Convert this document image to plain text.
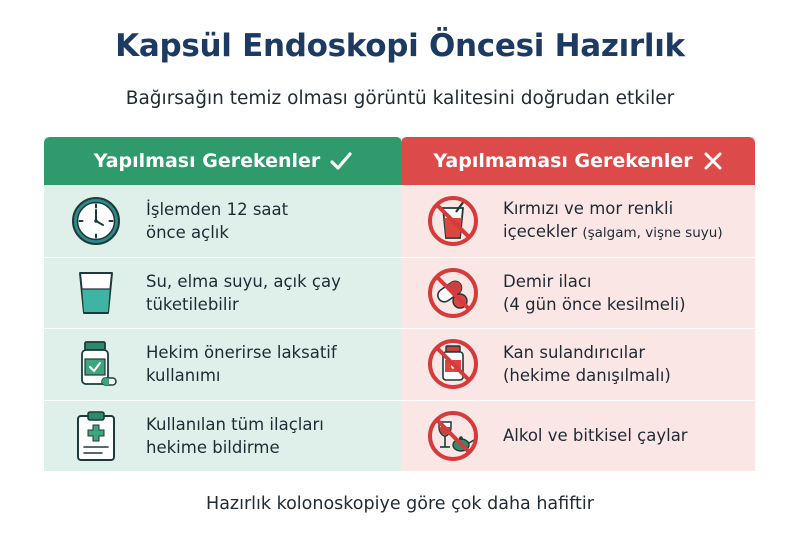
Kapsül Endoskopi Öncesi Hazırlık
Bağırsağın temiz olması görüntü kalitesini doğrudan etkiler
Yapılması Gerekenler
İşlemden 12 saat
önce açlık
Su, elma suyu, açık çay
tüketilebilir
Hekim önerirse laksatif
kullanımı
Kullanılan tüm ilaçları
hekime bildirme
Yapılmaması Gerekenler
Kırmızı ve mor renkli
içecekler (şalgam, vişne suyu)
Demir ilacı
(4 gün önce kesilmeli)
Kan sulandırıcılar
(hekime danışılmalı)
Alkol ve bitkisel çaylar
Hazırlık kolonoskopiye göre çok daha hafiftir
